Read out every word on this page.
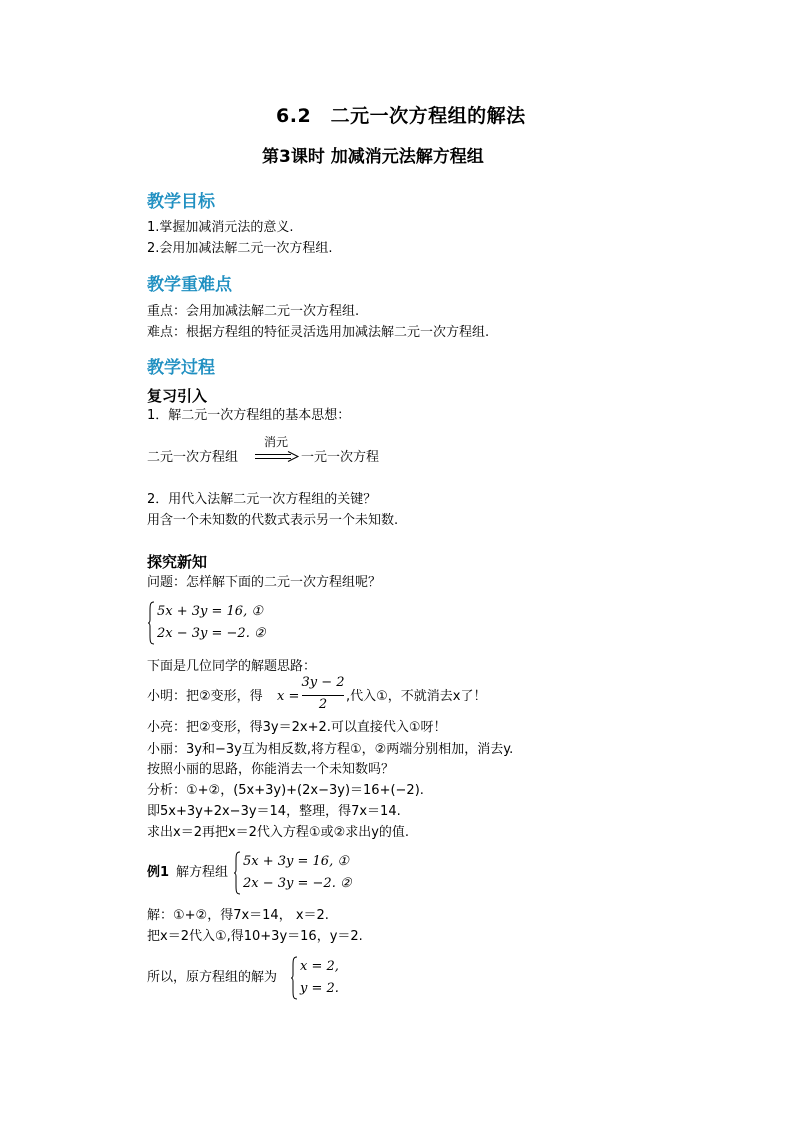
6.2　二元一次方程组的解法
第3课时 加减消元法解方程组
教学目标
1.掌握加减消元法的意义.
2.会用加减法解二元一次方程组.
教学重难点
重点：会用加减法解二元一次方程组.
难点：根据方程组的特征灵活选用加减法解二元一次方程组.
教学过程
复习引入
1．解二元一次方程组的基本思想：
二元一次方程组
消元
一元一次方程
2．用代入法解二元一次方程组的关键？
用含一个未知数的代数式表示另一个未知数.
探究新知
问题：怎样解下面的二元一次方程组呢？
5x + 3y = 16, ①
2x − 3y = −2. ②
下面是几位同学的解题思路：
小明：把②变形，得 x =
3y − 2
2
,代入①，不就消去x了！
小亮：把②变形，得3y＝2x+2.可以直接代入①呀！
小丽：3y和−3y互为相反数,将方程①，②两端分别相加，消去y.
按照小丽的思路，你能消去一个未知数吗？
分析：①+②，(5x+3y)+(2x−3y)＝16+(−2).
即5x+3y+2x−3y＝14，整理，得7x＝14.
求出x＝2再把x＝2代入方程①或②求出y的值.
例1 解方程组
5x + 3y = 16, ①
2x − 3y = −2. ②
解：①+②，得7x＝14， x＝2.
把x＝2代入①,得10+3y＝16，y＝2.
所以，原方程组的解为
x = 2,
y = 2.
